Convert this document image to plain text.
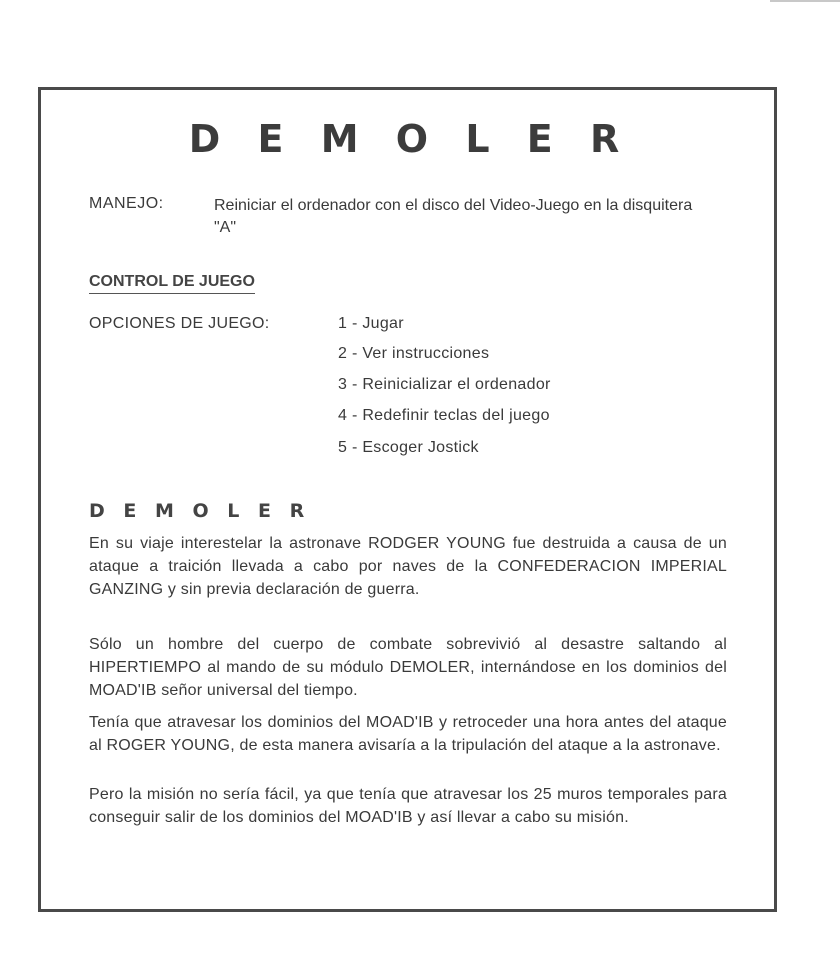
D E M O L E R
MANEJO:	Reiniciar el ordenador con el disco del Video-Juego en la disquitera "A"
CONTROL DE JUEGO
OPCIONES DE JUEGO:	1 - Jugar
2 - Ver instrucciones
3 - Reinicializar el ordenador
4 - Redefinir teclas del juego
5 - Escoger Jostick
D E M O L E R
En su viaje interestelar la astronave RODGER YOUNG fue destruida a causa de un ataque a traición llevada a cabo por naves de la CONFEDERACION IMPERIAL GANZING y sin previa declaración de guerra.
Sólo un hombre del cuerpo de combate sobrevivió al desastre saltando al HIPERTIEMPO al mando de su módulo DEMOLER, internándose en los dominios del MOAD'IB señor universal del tiempo.
Tenía que atravesar los dominios del MOAD'IB y retroceder una hora antes del ataque al ROGER YOUNG, de esta manera avisaría a la tripulación del ataque a la astronave.
Pero la misión no sería fácil, ya que tenía que atravesar los 25 muros temporales para conseguir salir de los dominios del MOAD'IB y así llevar a cabo su misión.
